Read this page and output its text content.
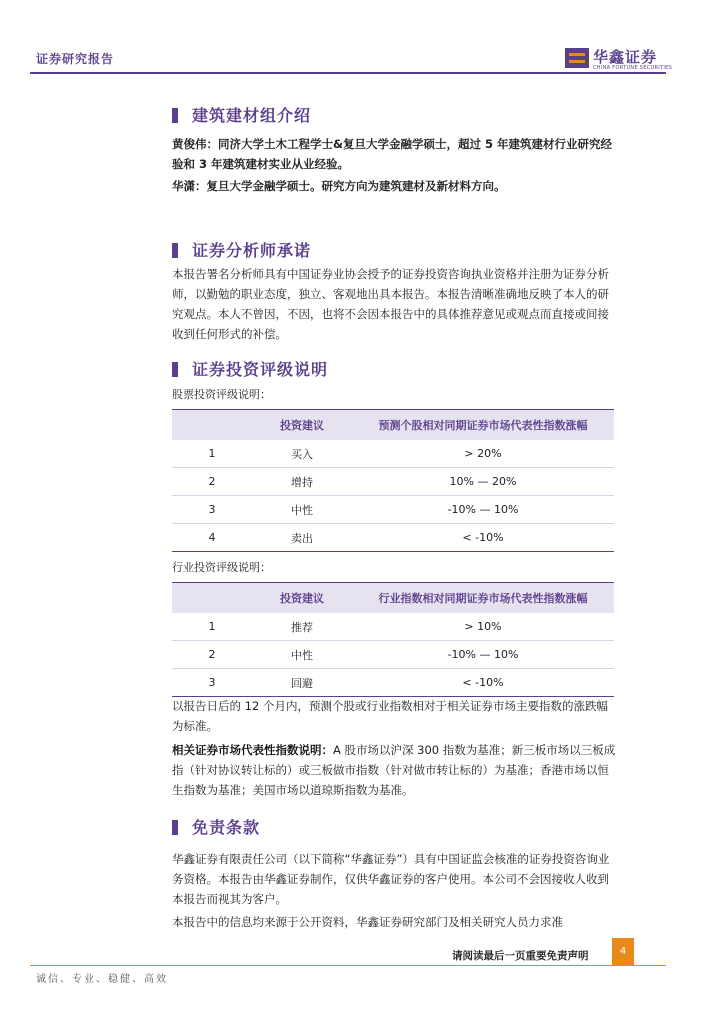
证券研究报告	华鑫证券
CHINA FORTUNE SECURITIES
建筑建材组介绍
黄俊伟：同济大学土木工程学士&复旦大学金融学硕士，超过 5 年建筑建材行业研究经验和 3 年建筑建材实业从业经验。
华潇：复旦大学金融学硕士。研究方向为建筑建材及新材料方向。
证券分析师承诺
本报告署名分析师具有中国证券业协会授予的证券投资咨询执业资格并注册为证券分析师，以勤勉的职业态度，独立、客观地出具本报告。本报告清晰准确地反映了本人的研究观点。本人不曾因，不因，也将不会因本报告中的具体推荐意见或观点而直接或间接收到任何形式的补偿。
证券投资评级说明
股票投资评级说明：
	投资建议	预测个股相对同期证券市场代表性指数涨幅
1	买入	> 20%
2	增持	10% — 20%
3	中性	-10% — 10%
4	卖出	< -10%
行业投资评级说明：
	投资建议	行业指数相对同期证券市场代表性指数涨幅
1	推荐	> 10%
2	中性	-10% — 10%
3	回避	< -10%
以报告日后的 12 个月内，预测个股或行业指数相对于相关证券市场主要指数的涨跌幅为标准。
相关证券市场代表性指数说明：A 股市场以沪深 300 指数为基准；新三板市场以三板成指（针对协议转让标的）或三板做市指数（针对做市转让标的）为基准；香港市场以恒生指数为基准；美国市场以道琼斯指数为基准。
免责条款
华鑫证券有限责任公司（以下简称“华鑫证券”）具有中国证监会核准的证券投资咨询业务资格。本报告由华鑫证券制作，仅供华鑫证券的客户使用。本公司不会因接收人收到本报告而视其为客户。
本报告中的信息均来源于公开资料，华鑫证券研究部门及相关研究人员力求准
请阅读最后一页重要免责声明	4
诚信、专业、稳健、高效
